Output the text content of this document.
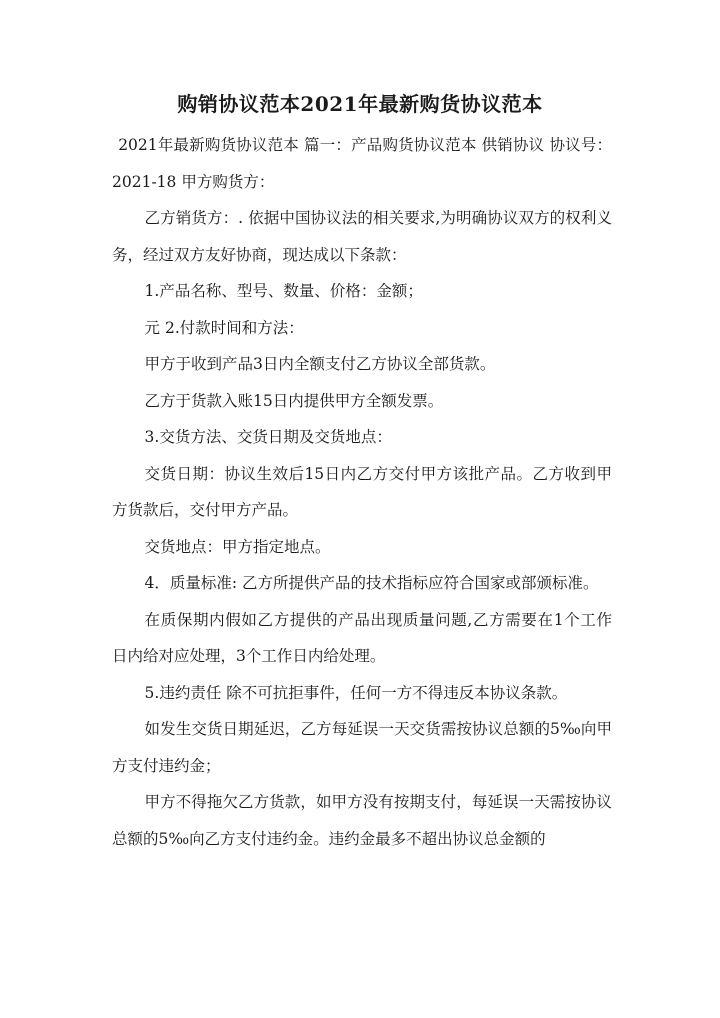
购销协议范本2021年最新购货协议范本

2021年最新购货协议范本 篇一：产品购货协议范本 供销协议 协议号：2021-18 甲方购货方：

乙方销货方：. 依据中国协议法的相关要求,为明确协议双方的权利义务，经过双方友好协商，现达成以下条款：

1.产品名称、型号、数量、价格：金额；

元 2.付款时间和方法：

甲方于收到产品3日内全额支付乙方协议全部货款。

乙方于货款入账15日内提供甲方全额发票。

3.交货方法、交货日期及交货地点：

交货日期：协议生效后15日内乙方交付甲方该批产品。乙方收到甲方货款后，交付甲方产品。

交货地点：甲方指定地点。

4．质量标准: 乙方所提供产品的技术指标应符合国家或部颁标准。

在质保期内假如乙方提供的产品出现质量问题,乙方需要在1个工作 日内给对应处理，3个工作日内给处理。

5.违约责任 除不可抗拒事件，任何一方不得违反本协议条款。

如发生交货日期延迟，乙方每延误一天交货需按协议总额的5‰向甲 方支付违约金；

甲方不得拖欠乙方货款，如甲方没有按期支付，每延误一天需按协议总额的5‰向乙方支付违约金。违约金最多不超出协议总金额的
